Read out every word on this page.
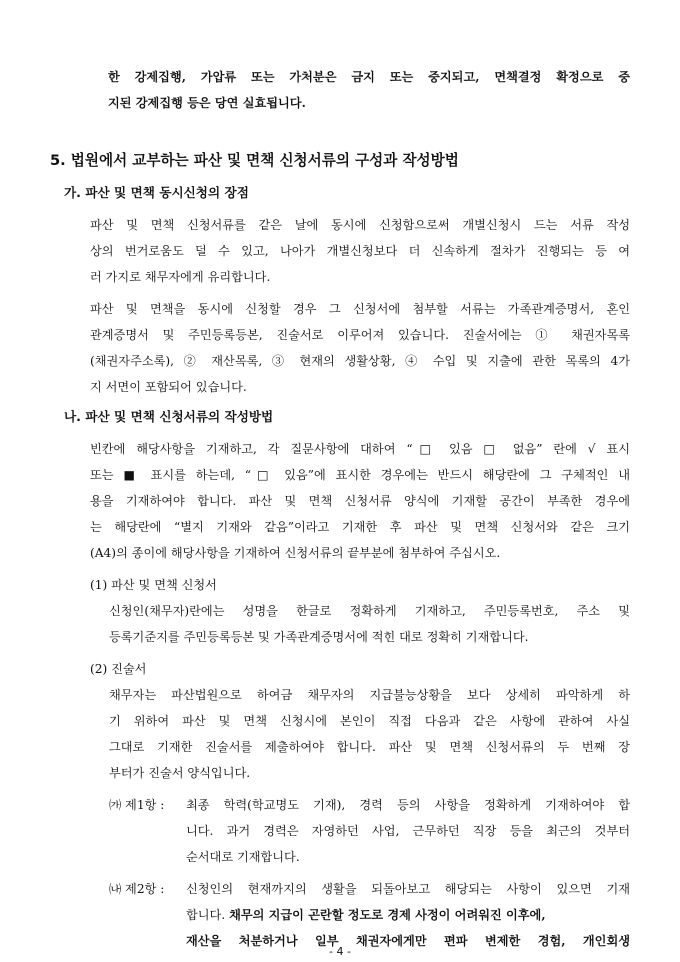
한 강제집행, 가압류 또는 가처분은 금지 또는 중지되고, 면책결정 확정으로 중
지된 강제집행 등은 당연 실효됩니다.
5. 법원에서 교부하는 파산 및 면책 신청서류의 구성과 작성방법
가. 파산 및 면책 동시신청의 장점
파산 및 면책 신청서류를 같은 날에 동시에 신청함으로써 개별신청시 드는 서류 작성
상의 번거로움도 덜 수 있고, 나아가 개별신청보다 더 신속하게 절차가 진행되는 등 여
러 가지로 채무자에게 유리합니다.
파산 및 면책을 동시에 신청할 경우 그 신청서에 첨부할 서류는 가족관계증명서, 혼인
관계증명서 및 주민등록등본, 진술서로 이루어져 있습니다. 진술서에는 ① 채권자목록
(채권자주소록), ② 재산목록, ③ 현재의 생활상황, ④ 수입 및 지출에 관한 목록의 4가
지 서면이 포함되어 있습니다.
나. 파산 및 면책 신청서류의 작성방법
빈칸에 해당사항을 기재하고, 각 질문사항에 대하여 “□ 있음 □ 없음” 란에 √ 표시
또는 ■ 표시를 하는데, “□ 있음”에 표시한 경우에는 반드시 해당란에 그 구체적인 내
용을 기재하여야 합니다. 파산 및 면책 신청서류 양식에 기재할 공간이 부족한 경우에
는 해당란에 “별지 기재와 같음”이라고 기재한 후 파산 및 면책 신청서와 같은 크기
(A4)의 종이에 해당사항을 기재하여 신청서류의 끝부분에 첨부하여 주십시오.
(1) 파산 및 면책 신청서
신청인(채무자)란에는 성명을 한글로 정확하게 기재하고, 주민등록번호, 주소 및
등록기준지를 주민등록등본 및 가족관계증명서에 적힌 대로 정확히 기재합니다.
(2) 진술서
채무자는 파산법원으로 하여금 채무자의 지급불능상황을 보다 상세히 파악하게 하
기 위하여 파산 및 면책 신청시에 본인이 직접 다음과 같은 사항에 관하여 사실
그대로 기재한 진술서를 제출하여야 합니다. 파산 및 면책 신청서류의 두 번째 장
부터가 진술서 양식입니다.
㈎ 제1항 : 최종 학력(학교명도 기재), 경력 등의 사항을 정확하게 기재하여야 합
니다. 과거 경력은 자영하던 사업, 근무하던 직장 등을 최근의 것부터
순서대로 기재합니다.
㈏ 제2항 : 신청인의 현재까지의 생활을 되돌아보고 해당되는 사항이 있으면 기재
합니다. 채무의 지급이 곤란할 정도로 경제 사정이 어려워진 이후에,
재산을 처분하거나 일부 채권자에게만 편파 변제한 경험, 개인회생
- 4 -
